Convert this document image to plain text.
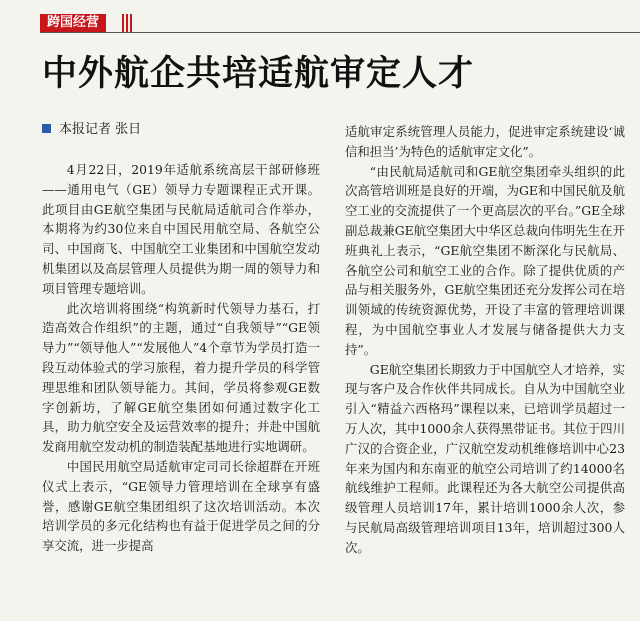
跨国经营
中外航企共培适航审定人才
本报记者 张日

4月22日，2019年适航系统高层干部研修班——通用电气（GE）领导力专题课程正式开课。此项目由GE航空集团与民航局适航司合作举办，本期将为约30位来自中国民用航空局、各航空公司、中国商飞、中国航空工业集团和中国航空发动机集团以及高层管理人员提供为期一周的领导力和项目管理专题培训。

此次培训将围绕“构筑新时代领导力基石，打造高效合作组织”的主题，通过“自我领导”“GE领导力”“领导他人”“发展他人”4个章节为学员打造一段互动体验式的学习旅程，着力提升学员的科学管理思维和团队领导能力。其间，学员将参观GE数字创新坊，了解GE航空集团如何通过数字化工具，助力航空安全及运营效率的提升；并赴中国航发商用航空发动机的制造装配基地进行实地调研。

中国民用航空局适航审定司司长徐超群在开班仪式上表示，“GE领导力管理培训在全球享有盛誉，感谢GE航空集团组织了这次培训活动。本次培训学员的多元化结构也有益于促进学员之间的分享交流，进一步提高

适航审定系统管理人员能力，促进审定系统建设‘诚信和担当’为特色的适航审定文化”。

“由民航局适航司和GE航空集团牵头组织的此次高管培训班是良好的开端，为GE和中国民航及航空工业的交流提供了一个更高层次的平台。”GE全球副总裁兼GE航空集团大中华区总裁向伟明先生在开班典礼上表示，“GE航空集团不断深化与民航局、各航空公司和航空工业的合作。除了提供优质的产品与相关服务外，GE航空集团还充分发挥公司在培训领域的传统资源优势，开设了丰富的管理培训课程，为中国航空事业人才发展与储备提供大力支持”。

GE航空集团长期致力于中国航空人才培养，实现与客户及合作伙伴共同成长。自从为中国航空业引入“精益六西格玛”课程以来，已培训学员超过一万人次，其中1000余人获得黑带证书。其位于四川广汉的合资企业，广汉航空发动机维修培训中心23年来为国内和东南亚的航空公司培训了约14000名航线维护工程师。此课程还为各大航空公司提供高级管理人员培训17年，累计培训1000余人次，参与民航局高级管理培训项目13年，培训超过300人次。
